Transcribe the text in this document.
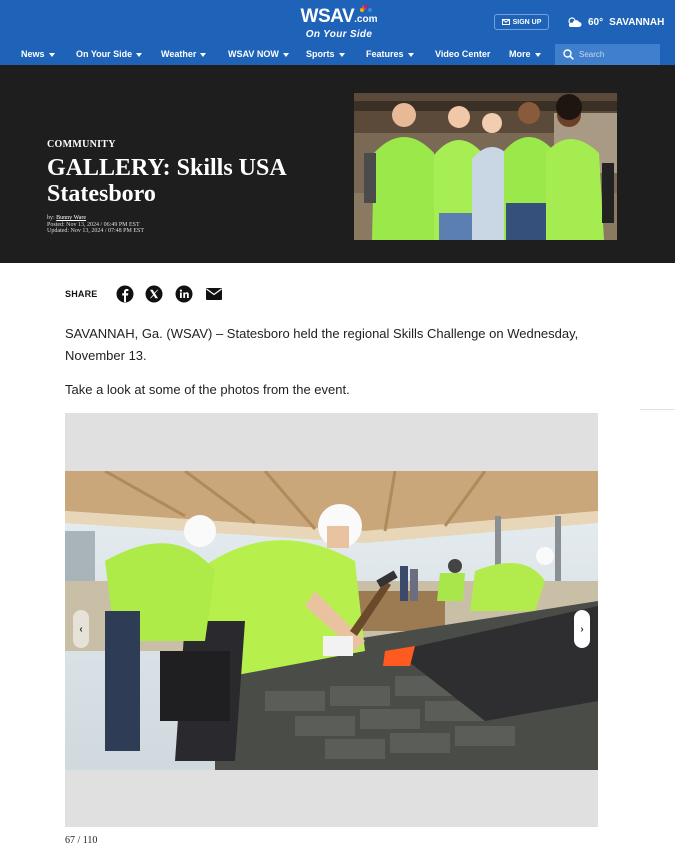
WSAV.com
On Your Side
SIGN UP	60° SAVANNAH
News	On Your Side	Weather	WSAV NOW	Sports	Features	Video Center More
Search
COMMUNITY
GALLERY: Skills USA Statesboro
by: Bunny Ware
Posted: Nov 13, 2024 / 06:49 PM EST
Updated: Nov 13, 2024 / 07:48 PM EST
SHARE

SAVANNAH, Ga. (WSAV) – Statesboro held the regional Skills Challenge on Wednesday, November 13.

Take a look at some of the photos from the event.

‹	›
67 / 110
